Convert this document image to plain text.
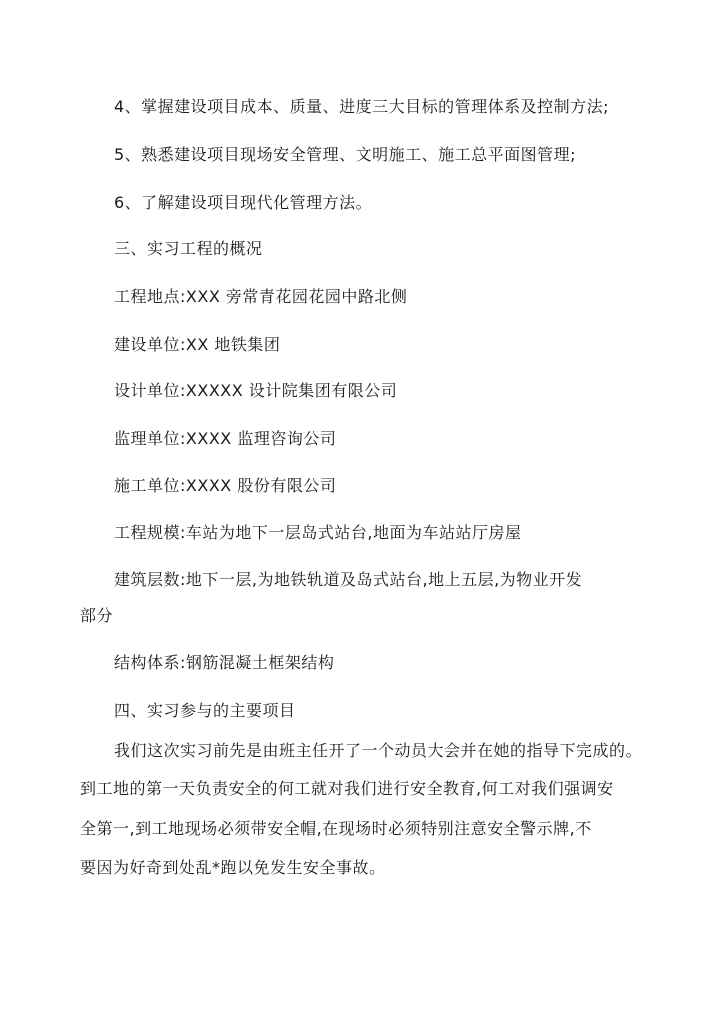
4、掌握建设项目成本、质量、进度三大目标的管理体系及控制方法;
5、熟悉建设项目现场安全管理、文明施工、施工总平面图管理;
6、了解建设项目现代化管理方法。
三、实习工程的概况
工程地点:XXX 旁常青花园花园中路北侧
建设单位:XX 地铁集团
设计单位:XXXXX 设计院集团有限公司
监理单位:XXXX 监理咨询公司
施工单位:XXXX 股份有限公司
工程规模:车站为地下一层岛式站台,地面为车站站厅房屋
建筑层数:地下一层,为地铁轨道及岛式站台,地上五层,为物业开发
部分
结构体系:钢筋混凝土框架结构
四、实习参与的主要项目
我们这次实习前先是由班主任开了一个动员大会并在她的指导下完成的。
到工地的第一天负责安全的何工就对我们进行安全教育,何工对我们强调安
全第一,到工地现场必须带安全帽,在现场时必须特别注意安全警示牌,不
要因为好奇到处乱*跑以免发生安全事故。
